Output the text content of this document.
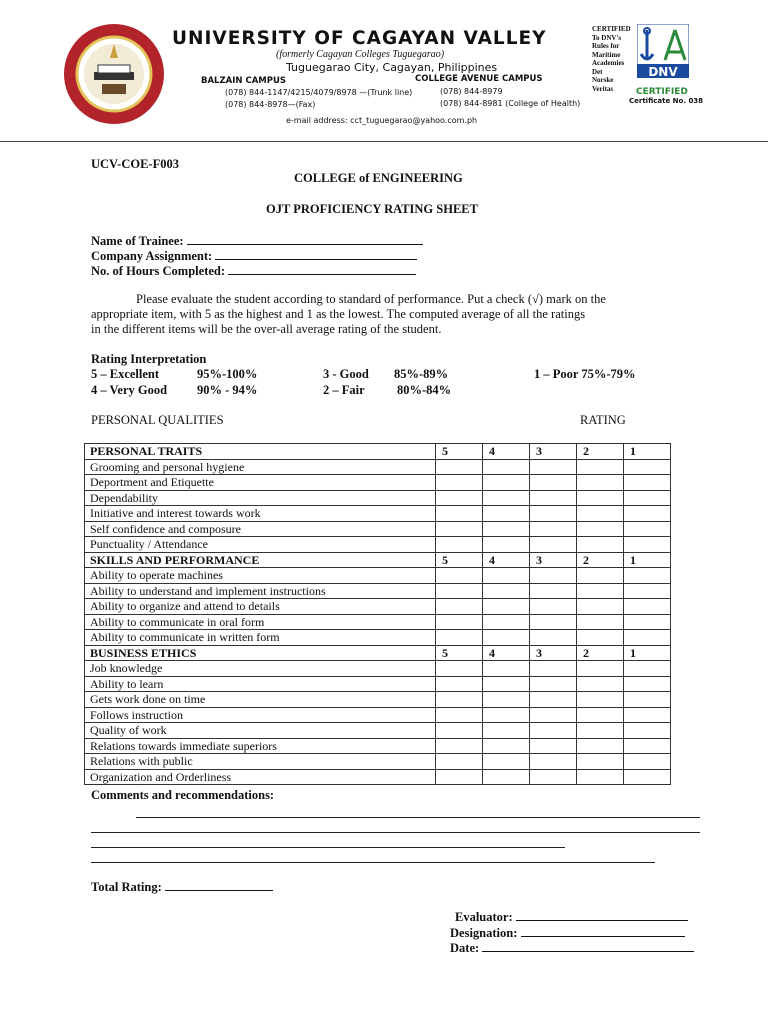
UNIVERSITY OF CAGAYAN VALLEY
(formerly Cagayan Colleges Tuguegarao)
Tuguegarao City, Cagayan, Philippines
BALZAIN CAMPUS
(078) 844-1147/4215/4079/8978 —(Trunk line)
(078) 844-8978—(Fax)
COLLEGE AVENUE CAMPUS
(078) 844-8979
(078) 844-8981 (College of Health)
e-mail address: cct_tuguegarao@yahoo.com.ph
CERTIFIED
To DNV's
Rules for
Maritime
Academies
Det
Norske
Veritas
DNV
CERTIFIED
Certificate No. 038
UCV-COE-F003
COLLEGE of ENGINEERING
OJT PROFICIENCY RATING SHEET
Name of Trainee:
Company Assignment:
No. of Hours Completed:
Please evaluate the student according to standard of performance. Put a check (√) mark on the
appropriate item, with 5 as the highest and 1 as the lowest. The computed average of all the ratings
in the different items will be the over-all average rating of the student.
Rating Interpretation
5 – Excellent	95%-100%	3 - Good 85%-89%	1 – Poor 75%-79%
4 – Very Good 90% - 94%	2 – Fair	80%-84%
PERSONAL QUALITIES	RATING
PERSONAL TRAITS	5	4	3	2	1
Grooming and personal hygiene					
Deportment and Etiquette					
Dependability					
Initiative and interest towards work					
Self confidence and composure					
Punctuality / Attendance					
SKILLS AND PERFORMANCE	5	4	3	2	1
Ability to operate machines					
Ability to understand and implement instructions					
Ability to organize and attend to details					
Ability to communicate in oral form					
Ability to communicate in written form					
BUSINESS ETHICS	5	4	3	2	1
Job knowledge					
Ability to learn					
Gets work done on time					
Follows instruction					
Quality of work					
Relations towards immediate superiors					
Relations with public					
Organization and Orderliness					
Comments and recommendations:
Total Rating:
Evaluator:
Designation:
Date:
